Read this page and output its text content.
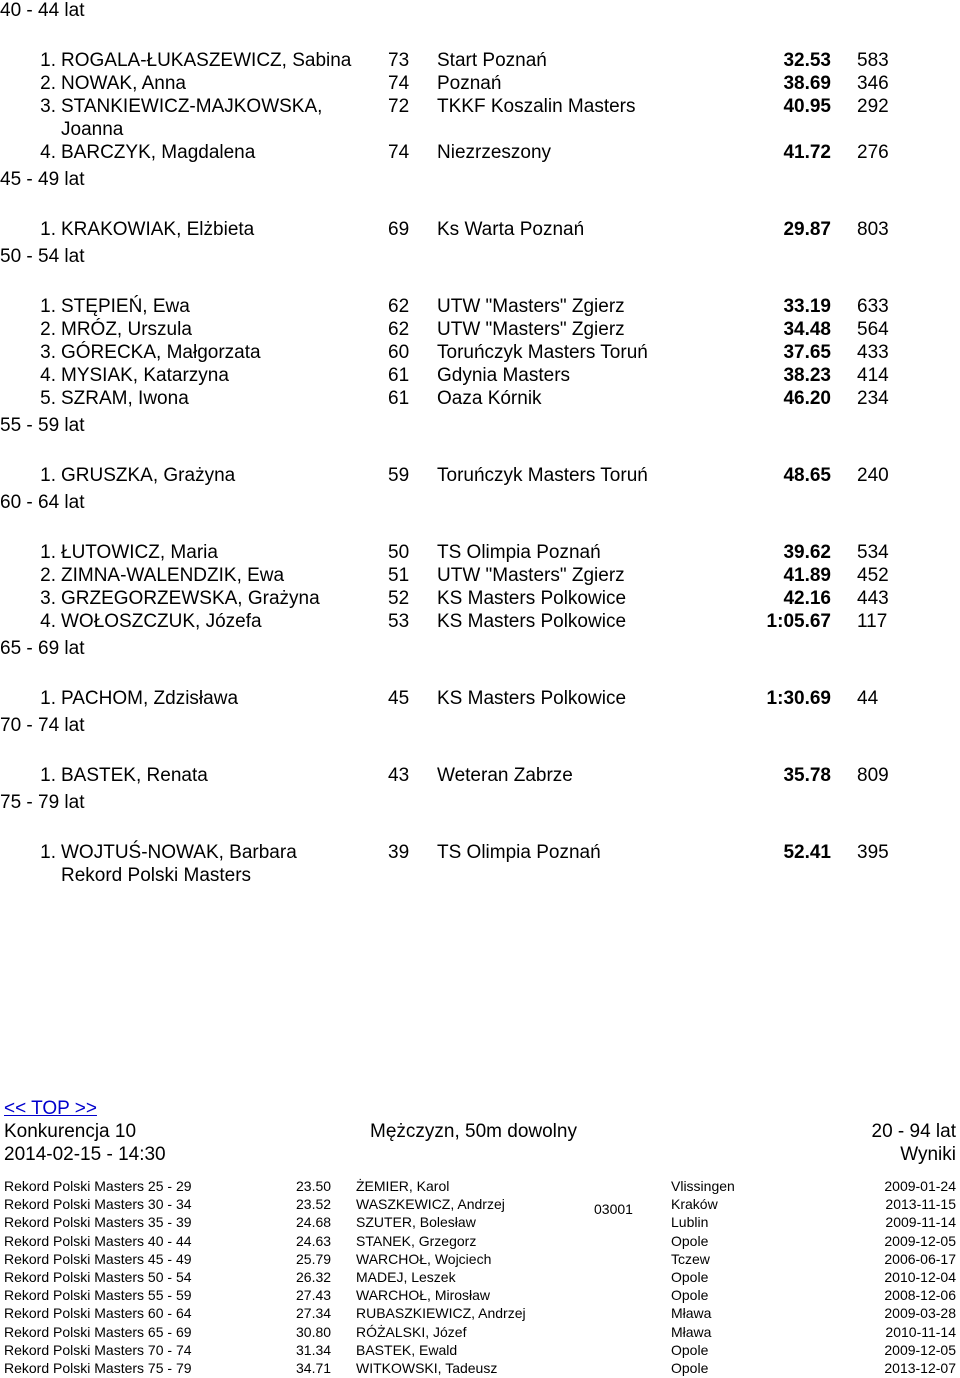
40 - 44 lat
1. ROGALA-ŁUKASZEWICZ, Sabina 73 Start Poznań	32.53 583
2. NOWAK, Anna	74 Poznań	38.69 346
3. STANKIEWICZ-MAJKOWSKA,	72 TKKF Koszalin Masters	40.95 292
Joanna
4. BARCZYK, Magdalena	74 Niezrzeszony	41.72 276
45 - 49 lat
1. KRAKOWIAK, Elżbieta	69 Ks Warta Poznań	29.87 803
50 - 54 lat
1. STĘPIEŃ, Ewa	62 UTW "Masters" Zgierz	33.19 633
2. MRÓZ, Urszula	62 UTW "Masters" Zgierz	34.48 564
3. GÓRECKA, Małgorzata	60 Toruńczyk Masters Toruń	37.65 433
4. MYSIAK, Katarzyna	61 Gdynia Masters	38.23 414
5. SZRAM, Iwona	61 Oaza Kórnik	46.20 234
55 - 59 lat
1. GRUSZKA, Grażyna	59 Toruńczyk Masters Toruń	48.65 240
60 - 64 lat
1. ŁUTOWICZ, Maria	50 TS Olimpia Poznań	39.62 534
2. ZIMNA-WALENDZIK, Ewa	51 UTW "Masters" Zgierz	41.89 452
3. GRZEGORZEWSKA, Grażyna	52 KS Masters Polkowice	42.16 443
4. WOŁOSZCZUK, Józefa	53 KS Masters Polkowice	1:05.67 117
65 - 69 lat
1. PACHOM, Zdzisława	45 KS Masters Polkowice	1:30.69 44
70 - 74 lat
1. BASTEK, Renata	43 Weteran Zabrze	35.78 809
75 - 79 lat
1. WOJTUŚ-NOWAK, Barbara	39 TS Olimpia Poznań	52.41 395
Rekord Polski Masters
<< TOP >>
Konkurencja 10	Mężczyzn, 50m dowolny	20 - 94 lat
2014-02-15 - 14:30	Wyniki
03001
Rekord Polski Masters 25 - 29	23.50 ŻEMIER, Karol	Vlissingen	2009-01-24
Rekord Polski Masters 30 - 34	23.52 WASZKEWICZ, Andrzej	Kraków	2013-11-15
Rekord Polski Masters 35 - 39	24.68 SZUTER, Bolesław	Lublin	2009-11-14
Rekord Polski Masters 40 - 44	24.63 STANEK, Grzegorz	Opole	2009-12-05
Rekord Polski Masters 45 - 49	25.79 WARCHOŁ, Wojciech	Tczew	2006-06-17
Rekord Polski Masters 50 - 54	26.32 MADEJ, Leszek	Opole	2010-12-04
Rekord Polski Masters 55 - 59	27.43 WARCHOŁ, Mirosław	Opole	2008-12-06
Rekord Polski Masters 60 - 64	27.34 RUBASZKIEWICZ, Andrzej	Mława	2009-03-28
Rekord Polski Masters 65 - 69	30.80 RÓŻALSKI, Józef	Mława	2010-11-14
Rekord Polski Masters 70 - 74	31.34 BASTEK, Ewald	Opole	2009-12-05
Rekord Polski Masters 75 - 79	34.71 WITKOWSKI, Tadeusz	Opole	2013-12-07
